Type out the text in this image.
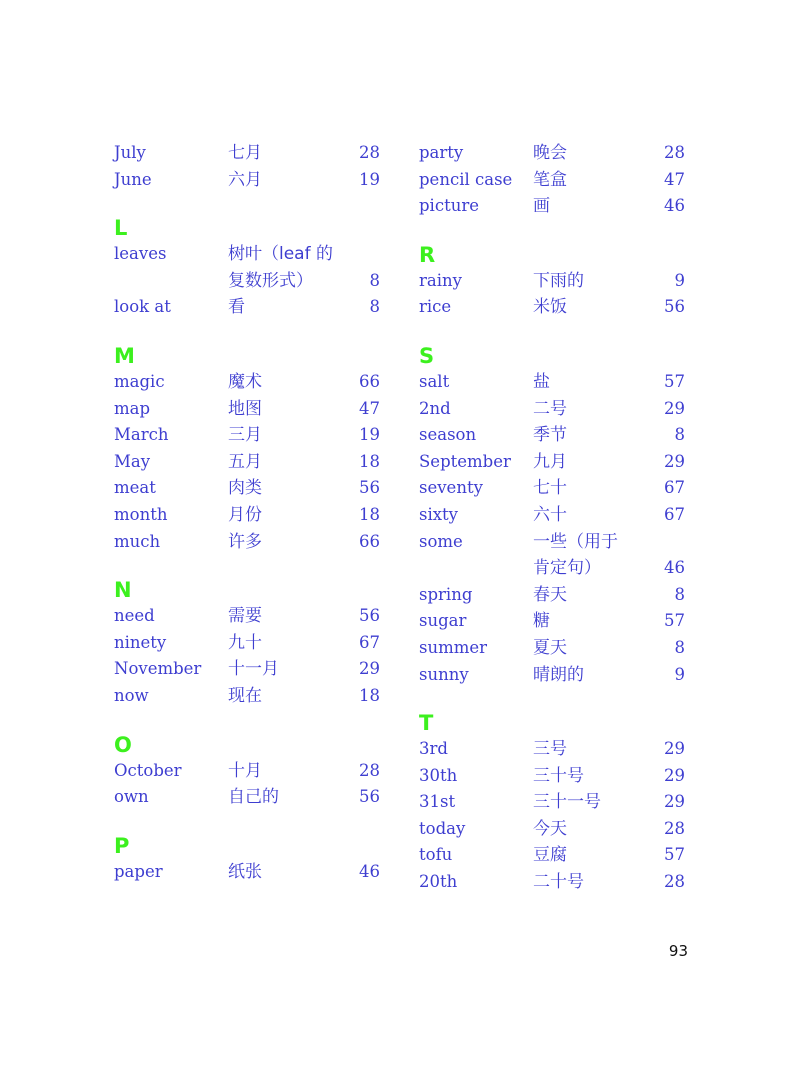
July	七月	28
June	六月	19
L
leaves	树叶（leaf 的
复数形式）	8
look at	看	8
M
magic	魔术	66
map	地图	47
March	三月	19
May	五月	18
meat	肉类	56
month	月份	18
much	许多	66
N
need	需要	56
ninety	九十	67
November	十一月	29
now	现在	18
O
October	十月	28
own	自己的	56
P
paper	纸张	46
party	晚会	28
pencil case	笔盒	47
picture	画	46
R
rainy	下雨的	9
rice	米饭	56
S
salt	盐	57
2nd	二号	29
season	季节	8
September	九月	29
seventy	七十	67
sixty	六十	67
some	一些（用于
肯定句）	46
spring	春天	8
sugar	糖	57
summer	夏天	8
sunny	晴朗的	9
T
3rd	三号	29
30th	三十号	29
31st	三十一号	29
today	今天	28
tofu	豆腐	57
20th	二十号	28
93
